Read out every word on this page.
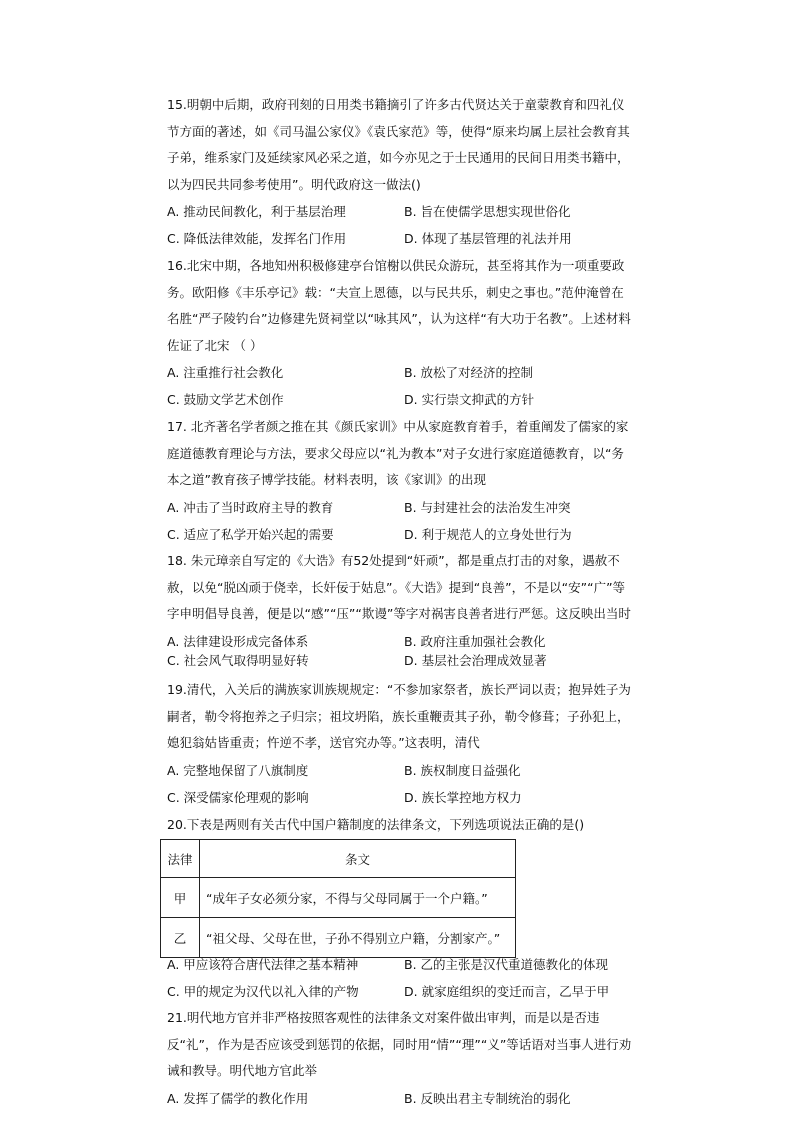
15.明朝中后期，政府刊刻的日用类书籍摘引了许多古代贤达关于童蒙教育和四礼仪节方面的著述，如《司马温公家仪》《袁氏家范》等，使得“原来均属上层社会教育其子弟，维系家门及延续家风必采之道，如今亦见之于士民通用的民间日用类书籍中，以为四民共同参考使用”。明代政府这一做法()

A. 推动民间教化，利于基层治理	B. 旨在使儒学思想实现世俗化
C. 降低法律效能，发挥名门作用	D. 体现了基层管理的礼法并用

16.北宋中期，各地知州积极修建亭台馆榭以供民众游玩，甚至将其作为一项重要政务。欧阳修《丰乐亭记》载：“夫宣上恩德，以与民共乐，刺史之事也。”范仲淹曾在名胜“严子陵钓台”边修建先贤祠堂以“咏其风”，认为这样“有大功于名教”。上述材料佐证了北宋 （ ）

A. 注重推行社会教化	B. 放松了对经济的控制
C. 鼓励文学艺术创作	D. 实行崇文抑武的方针

17. 北齐著名学者颜之推在其《颜氏家训》中从家庭教育着手，着重阐发了儒家的家庭道德教育理论与方法，要求父母应以“礼为教本”对子女进行家庭道德教育，以“务本之道”教育孩子博学技能。材料表明，该《家训》的出现

A. 冲击了当时政府主导的教育	B. 与封建社会的法治发生冲突
C. 适应了私学开始兴起的需要	D. 利于规范人的立身处世行为

18. 朱元璋亲自写定的《大诰》有52处提到“奸顽”，都是重点打击的对象，遇赦不赦，以免“脱凶顽于侥幸，长奸佞于姑息”。《大诰》提到“良善”，不是以“安”“广”等字申明倡导良善，便是以“感”“压”“欺谩”等字对祸害良善者进行严惩。这反映出当时

A. 法律建设形成完备体系	B. 政府注重加强社会教化
C. 社会风气取得明显好转	D. 基层社会治理成效显著

19.清代，入关后的满族家训族规规定：“不参加家祭者，族长严词以责；抱异姓子为嗣者，勒令将抱养之子归宗；祖坟坍陷，族长重鞭责其子孙，勒令修葺；子孙犯上，媳犯翁姑皆重责；忤逆不孝，送官究办等。”这表明，清代

A. 完整地保留了八旗制度	B. 族权制度日益强化
C. 深受儒家伦理观的影响	D. 族长掌控地方权力

20.下表是两则有关古代中国户籍制度的法律条文，下列选项说法正确的是()

法律	条文
甲	“成年子女必须分家，不得与父母同属于一个户籍。”
乙	“祖父母、父母在世，子孙不得别立户籍，分割家产。”
A. 甲应该符合唐代法律之基本精神	B. 乙的主张是汉代重道德教化的体现
C. 甲的规定为汉代以礼入律的产物	D. 就家庭组织的变迁而言，乙早于甲

21.明代地方官并非严格按照客观性的法律条文对案件做出审判，而是以是否违反“礼”，作为是否应该受到惩罚的依据，同时用“情”“理”“义”等话语对当事人进行劝诫和教导。明代地方官此举

A. 发挥了儒学的教化作用	B. 反映出君主专制统治的弱化
